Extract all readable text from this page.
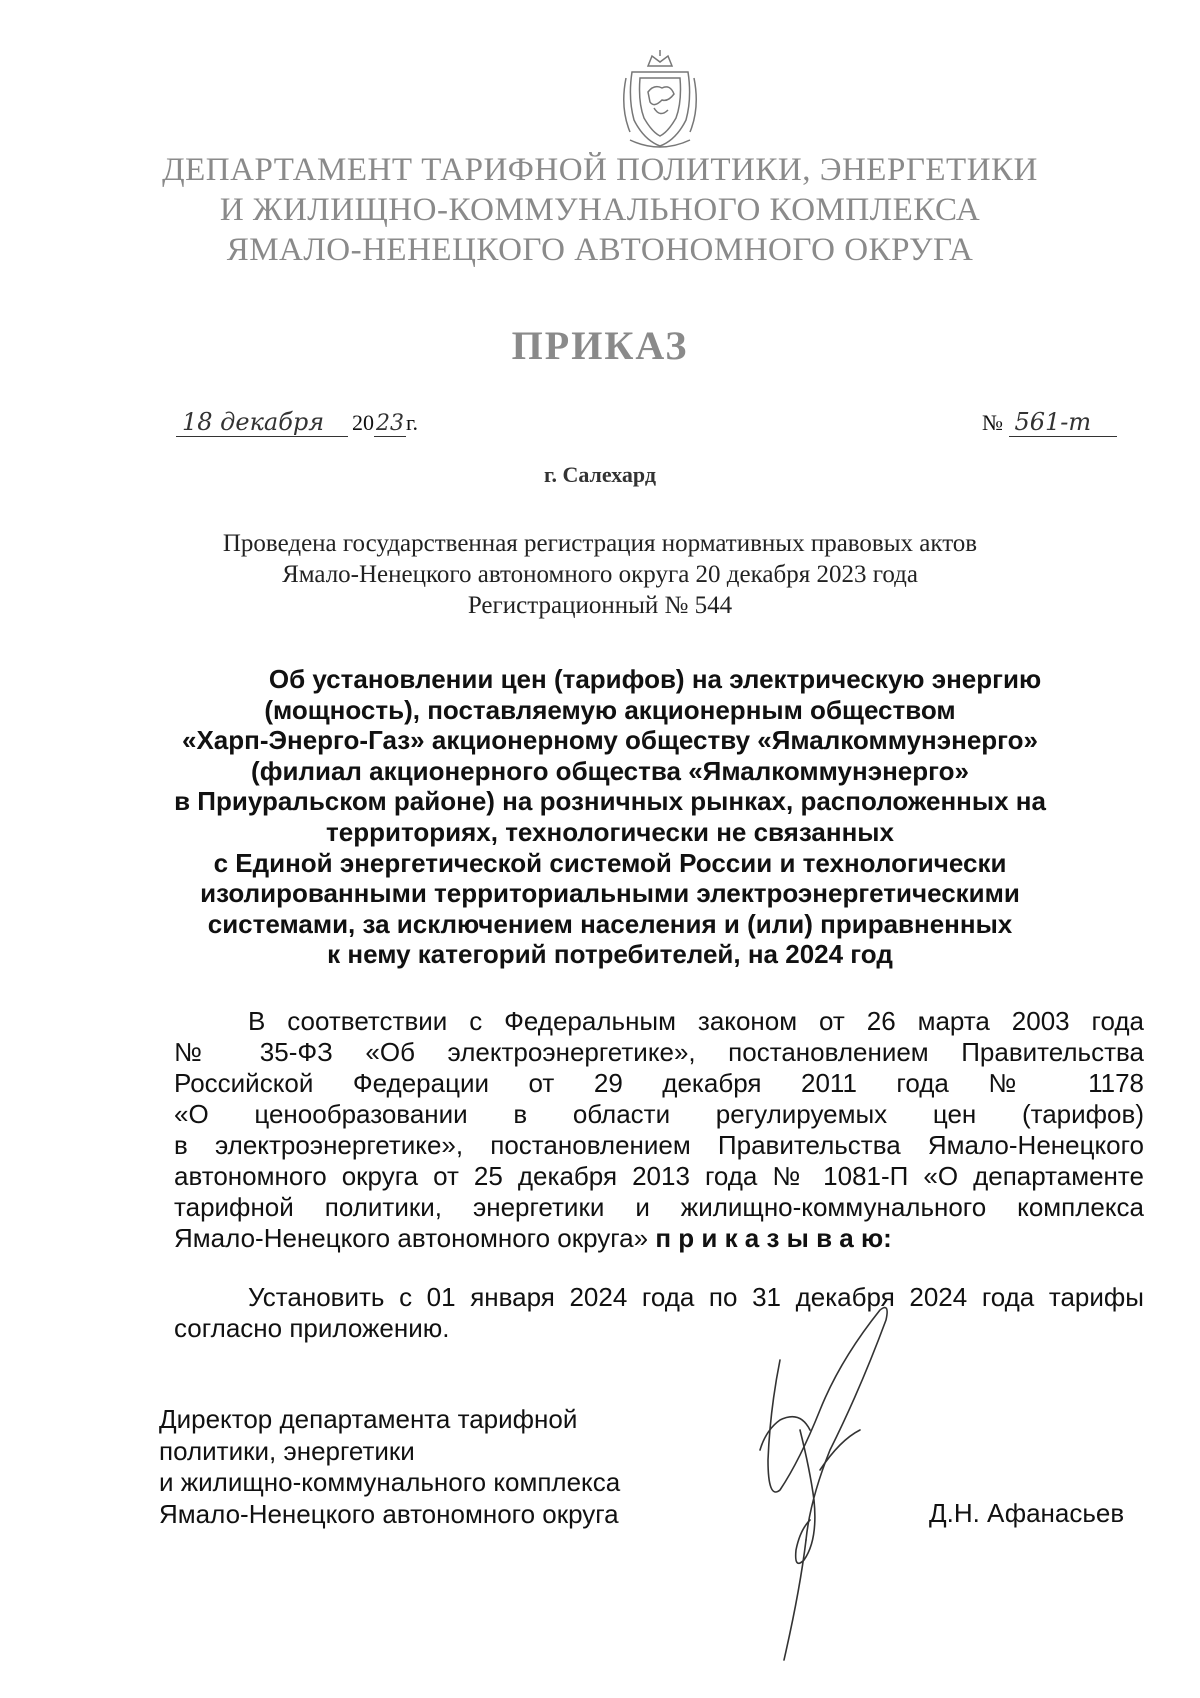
ДЕПАРТАМЕНТ ТАРИФНОЙ ПОЛИТИКИ, ЭНЕРГЕТИКИ
И ЖИЛИЩНО-КОММУНАЛЬНОГО КОМПЛЕКСА
ЯМАЛО-НЕНЕЦКОГО АВТОНОМНОГО ОКРУГА
ПРИКАЗ
18 декабря 2023г.	№ 561-т
г. Салехард
Проведена государственная регистрация нормативных правовых актов
Ямало-Ненецкого автономного округа 20 декабря 2023 года
Регистрационный № 544
Об установлении цен (тарифов) на электрическую энергию
(мощность), поставляемую акционерным обществом
«Харп-Энерго-Газ» акционерному обществу «Ямалкоммунэнерго»
(филиал акционерного общества «Ямалкоммунэнерго»
в Приуральском районе) на розничных рынках, расположенных на
территориях, технологически не связанных
с Единой энергетической системой России и технологически
изолированными территориальными электроэнергетическими
системами, за исключением населения и (или) приравненных
к нему категорий потребителей, на 2024 год
В соответствии с Федеральным законом от 26 марта 2003 года
№ 35-ФЗ «Об электроэнергетике», постановлением Правительства
Российской Федерации от 29 декабря 2011 года № 1178
«О ценообразовании в области регулируемых цен (тарифов)
в электроэнергетике», постановлением Правительства Ямало-Ненецкого
автономного округа от 25 декабря 2013 года № 1081-П «О департаменте
тарифной политики, энергетики и жилищно-коммунального комплекса
Ямало-Ненецкого автономного округа» п р и к а з ы в а ю:
Установить с 01 января 2024 года по 31 декабря 2024 года тарифы
согласно приложению.
Директор департамента тарифной
политики, энергетики
и жилищно-коммунального комплекса
Ямало-Ненецкого автономного округа	Д.Н. Афанасьев
